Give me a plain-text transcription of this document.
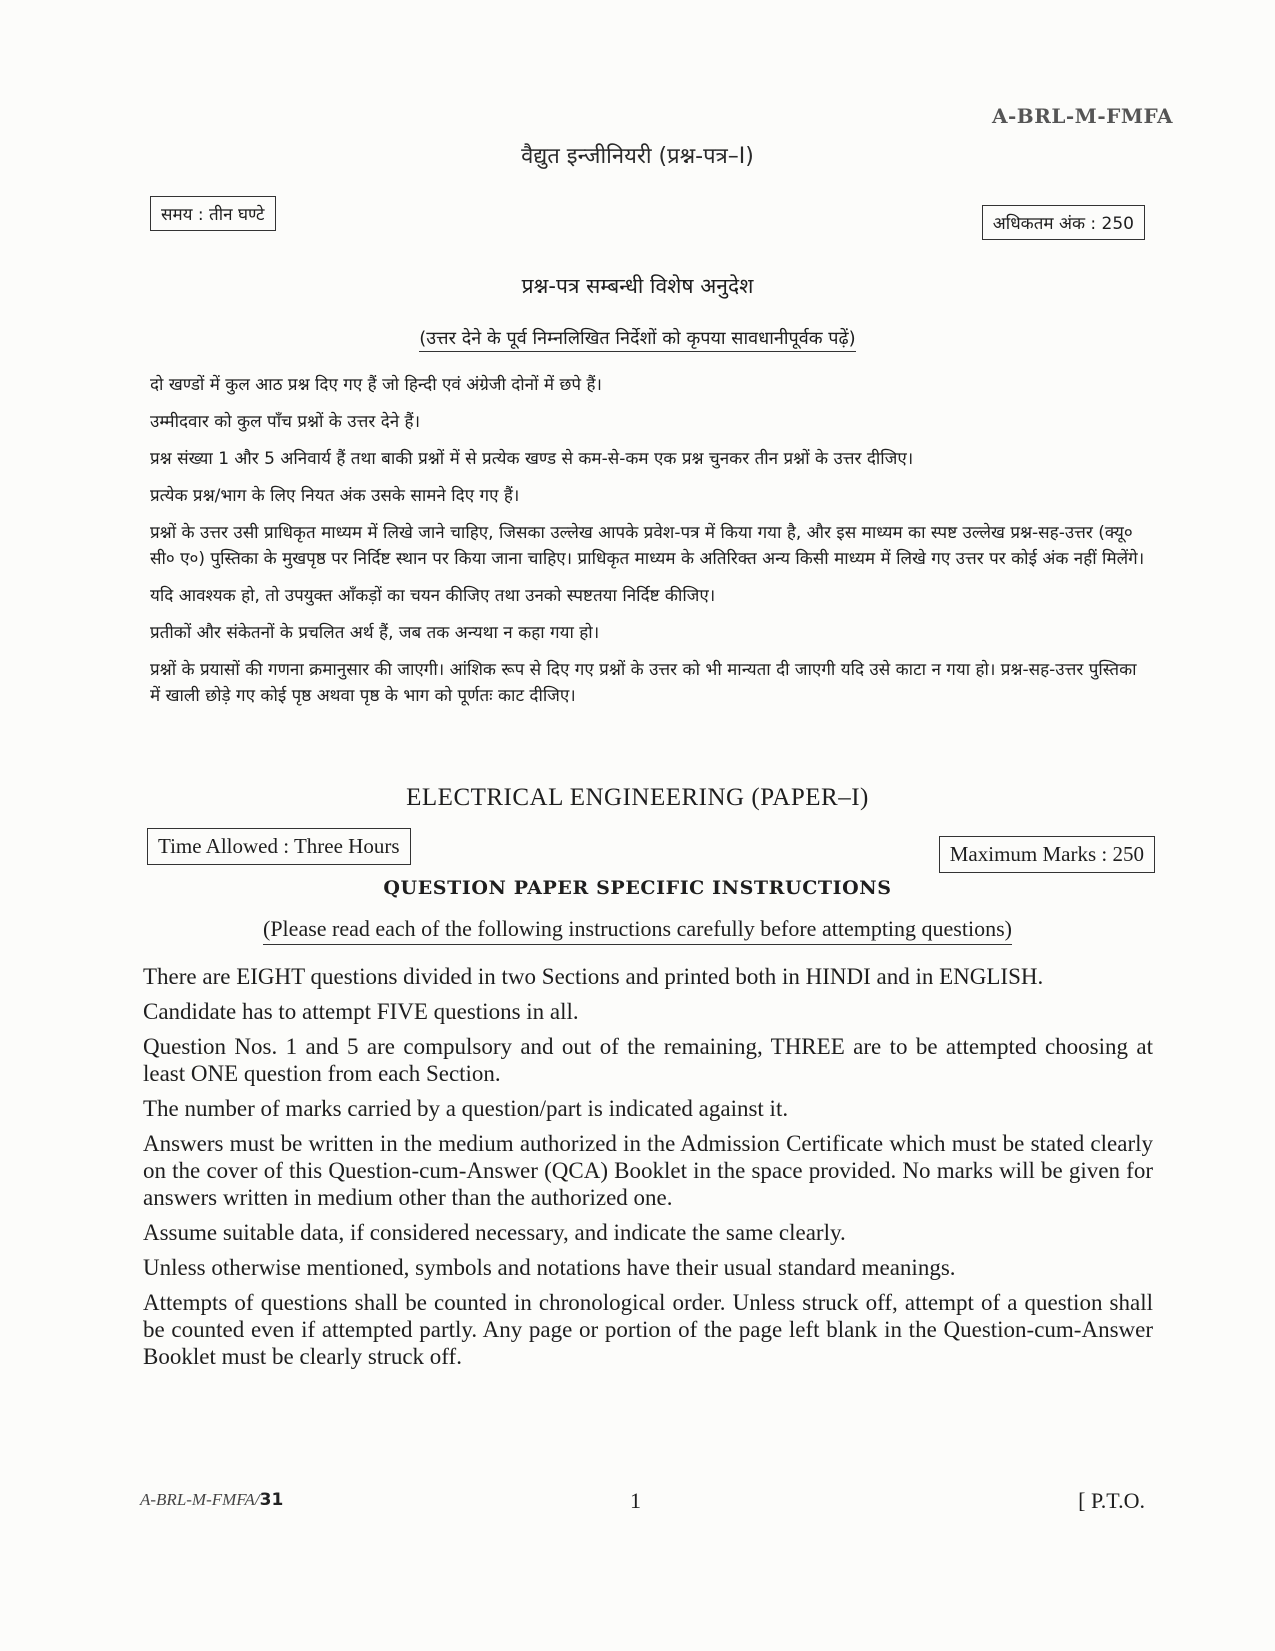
A-BRL-M-FMFA
वैद्युत इन्जीनियरी (प्रश्न-पत्र–I)
समय : तीन घण्टे	अधिकतम अंक : 250
प्रश्न-पत्र सम्बन्धी विशेष अनुदेश
(उत्तर देने के पूर्व निम्नलिखित निर्देशों को कृपया सावधानीपूर्वक पढ़ें)

दो खण्डों में कुल आठ प्रश्न दिए गए हैं जो हिन्दी एवं अंग्रेजी दोनों में छपे हैं।

उम्मीदवार को कुल पाँच प्रश्नों के उत्तर देने हैं।

प्रश्न संख्या 1 और 5 अनिवार्य हैं तथा बाकी प्रश्नों में से प्रत्येक खण्ड से कम-से-कम एक प्रश्न चुनकर तीन प्रश्नों के उत्तर दीजिए।

प्रत्येक प्रश्न/भाग के लिए नियत अंक उसके सामने दिए गए हैं।

प्रश्नों के उत्तर उसी प्राधिकृत माध्यम में लिखे जाने चाहिए, जिसका उल्लेख आपके प्रवेश-पत्र में किया गया है, और इस माध्यम का स्पष्ट उल्लेख प्रश्न-सह-उत्तर (क्यू० सी० ए०) पुस्तिका के मुखपृष्ठ पर निर्दिष्ट स्थान पर किया जाना चाहिए। प्राधिकृत माध्यम के अतिरिक्त अन्य किसी माध्यम में लिखे गए उत्तर पर कोई अंक नहीं मिलेंगे।

यदि आवश्यक हो, तो उपयुक्त आँकड़ों का चयन कीजिए तथा उनको स्पष्टतया निर्दिष्ट कीजिए।

प्रतीकों और संकेतनों के प्रचलित अर्थ हैं, जब तक अन्यथा न कहा गया हो।

प्रश्नों के प्रयासों की गणना क्रमानुसार की जाएगी। आंशिक रूप से दिए गए प्रश्नों के उत्तर को भी मान्यता दी जाएगी यदि उसे काटा न गया हो। प्रश्न-सह-उत्तर पुस्तिका में खाली छोड़े गए कोई पृष्ठ अथवा पृष्ठ के भाग को पूर्णतः काट दीजिए।

ELECTRICAL ENGINEERING (PAPER–I)
Time Allowed : Three Hours	Maximum Marks : 250
QUESTION PAPER SPECIFIC INSTRUCTIONS
(Please read each of the following instructions carefully before attempting questions)

There are EIGHT questions divided in two Sections and printed both in HINDI and in ENGLISH.

Candidate has to attempt FIVE questions in all.

Question Nos. 1 and 5 are compulsory and out of the remaining, THREE are to be attempted choosing at least ONE question from each Section.

The number of marks carried by a question/part is indicated against it.

Answers must be written in the medium authorized in the Admission Certificate which must be stated clearly on the cover of this Question-cum-Answer (QCA) Booklet in the space provided. No marks will be given for answers written in medium other than the authorized one.

Assume suitable data, if considered necessary, and indicate the same clearly.

Unless otherwise mentioned, symbols and notations have their usual standard meanings.

Attempts of questions shall be counted in chronological order. Unless struck off, attempt of a question shall be counted even if attempted partly. Any page or portion of the page left blank in the Question-cum-Answer Booklet must be clearly struck off.

A-BRL-M-FMFA/31	1	[ P.T.O.
